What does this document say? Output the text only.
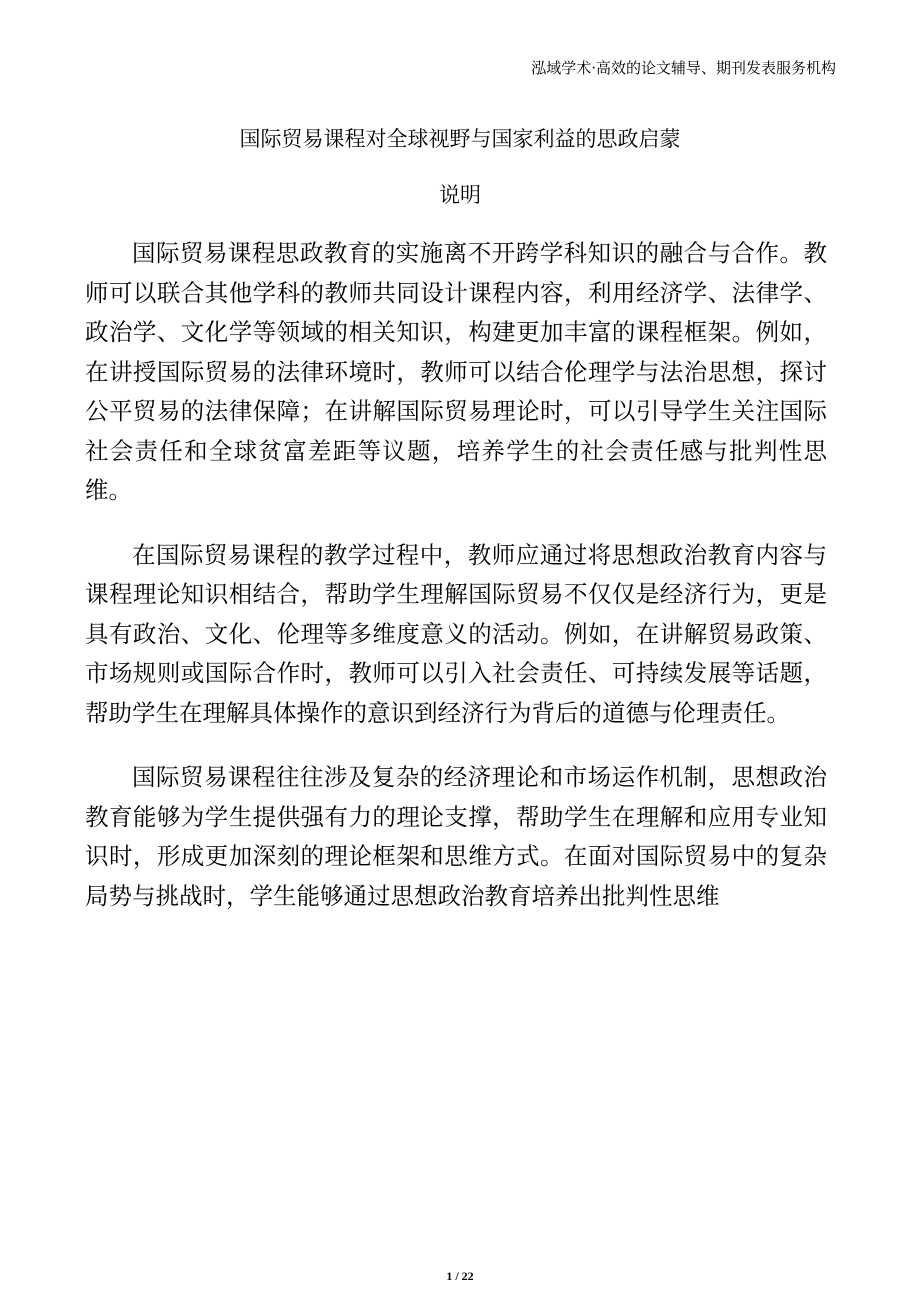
泓域学术·高效的论文辅导、期刊发表服务机构
国际贸易课程对全球视野与国家利益的思政启蒙
说明

国际贸易课程思政教育的实施离不开跨学科知识的融合与合作。教师可以联合其他学科的教师共同设计课程内容，利用经济学、法律学、政治学、文化学等领域的相关知识，构建更加丰富的课程框架。例如，在讲授国际贸易的法律环境时，教师可以结合伦理学与法治思想，探讨公平贸易的法律保障；在讲解国际贸易理论时，可以引导学生关注国际社会责任和全球贫富差距等议题，培养学生的社会责任感与批判性思维。

在国际贸易课程的教学过程中，教师应通过将思想政治教育内容与课程理论知识相结合，帮助学生理解国际贸易不仅仅是经济行为，更是具有政治、文化、伦理等多维度意义的活动。例如，在讲解贸易政策、市场规则或国际合作时，教师可以引入社会责任、可持续发展等话题，帮助学生在理解具体操作的意识到经济行为背后的道德与伦理责任。

国际贸易课程往往涉及复杂的经济理论和市场运作机制，思想政治教育能够为学生提供强有力的理论支撑，帮助学生在理解和应用专业知识时，形成更加深刻的理论框架和思维方式。在面对国际贸易中的复杂局势与挑战时，学生能够通过思想政治教育培养出批判性思维

1 / 22
